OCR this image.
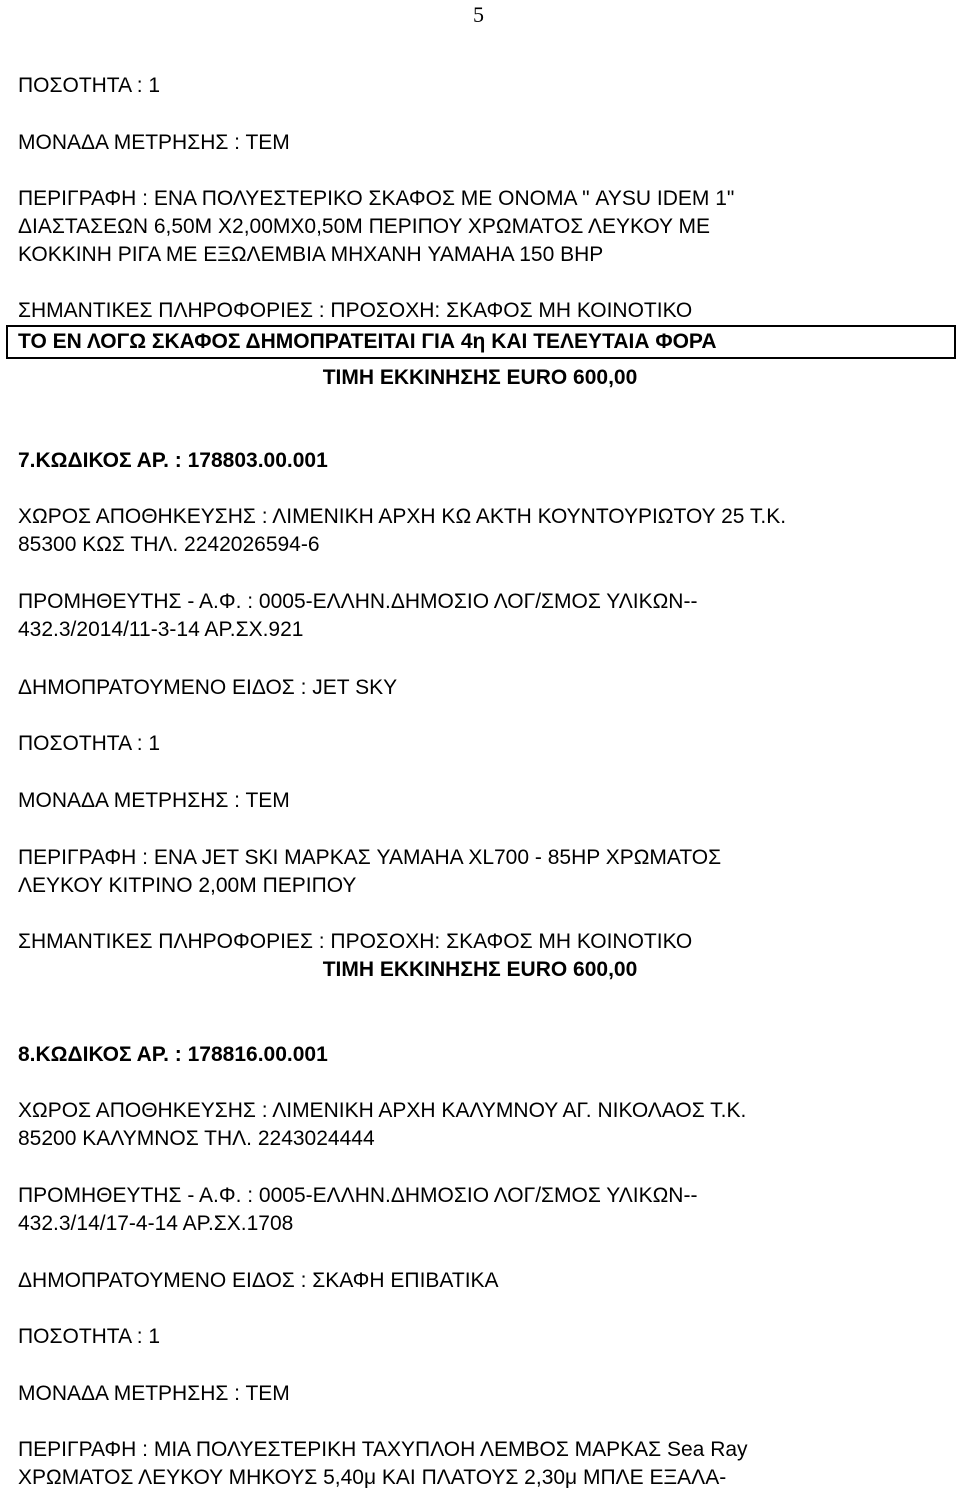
5
ΠΟΣΟΤΗΤΑ : 1
ΜΟΝΑΔΑ ΜΕΤΡΗΣΗΣ : ΤΕΜ
ΠΕΡΙΓΡΑΦΗ : ΕΝΑ ΠΟΛΥΕΣΤΕΡΙΚΟ ΣΚΑΦΟΣ ΜΕ ΟΝΟΜΑ " AYSU IDEM 1"
ΔΙΑΣΤΑΣΕΩΝ 6,50Μ Χ2,00ΜΧ0,50Μ ΠΕΡΙΠΟΥ ΧΡΩΜΑΤΟΣ ΛΕΥΚΟΥ ΜΕ
ΚΟΚΚΙΝΗ ΡΙΓΑ ΜΕ ΕΞΩΛΕΜΒΙΑ ΜΗΧΑΝΗ YAMAHA 150 BHP
ΣΗΜΑΝΤΙΚΕΣ ΠΛΗΡΟΦΟΡΙΕΣ : ΠΡΟΣΟΧΗ: ΣΚΑΦΟΣ ΜΗ ΚΟΙΝΟΤΙΚΟ
ΤΟ ΕΝ ΛΟΓΩ ΣΚΑΦΟΣ ΔΗΜΟΠΡΑΤΕΙΤΑΙ ΓΙΑ 4η ΚΑΙ ΤΕΛΕΥΤΑΙΑ ΦΟΡΑ
ΤΙΜΗ ΕΚΚΙΝΗΣΗΣ EURO 600,00
7.ΚΩΔΙΚΟΣ ΑΡ. : 178803.00.001
ΧΩΡΟΣ ΑΠΟΘΗΚΕΥΣΗΣ : ΛΙΜΕΝΙΚΗ ΑΡΧΗ ΚΩ ΑΚΤΗ ΚΟΥΝΤΟΥΡΙΩΤΟΥ 25 Τ.Κ.
85300 ΚΩΣ ΤΗΛ. 2242026594-6
ΠΡΟΜΗΘΕΥΤΗΣ - Α.Φ. : 0005-ΕΛΛΗΝ.ΔΗΜΟΣΙΟ ΛΟΓ/ΣΜΟΣ ΥΛΙΚΩΝ--
432.3/2014/11-3-14 ΑΡ.ΣΧ.921
ΔΗΜΟΠΡΑΤΟΥΜΕΝΟ ΕΙΔΟΣ : JET SKY
ΠΟΣΟΤΗΤΑ : 1
ΜΟΝΑΔΑ ΜΕΤΡΗΣΗΣ : ΤΕΜ
ΠΕΡΙΓΡΑΦΗ : ΕΝΑ JET SKI ΜΑΡΚΑΣ YAMAHA XL700 - 85HP ΧΡΩΜΑΤΟΣ
ΛΕΥΚΟΥ ΚΙΤΡΙΝΟ 2,00Μ ΠΕΡΙΠΟΥ
ΣΗΜΑΝΤΙΚΕΣ ΠΛΗΡΟΦΟΡΙΕΣ : ΠΡΟΣΟΧΗ: ΣΚΑΦΟΣ ΜΗ ΚΟΙΝΟΤΙΚΟ
ΤΙΜΗ ΕΚΚΙΝΗΣΗΣ EURO 600,00
8.ΚΩΔΙΚΟΣ ΑΡ. : 178816.00.001
ΧΩΡΟΣ ΑΠΟΘΗΚΕΥΣΗΣ : ΛΙΜΕΝΙΚΗ ΑΡΧΗ ΚΑΛΥΜΝΟΥ ΑΓ. ΝΙΚΟΛΑΟΣ Τ.Κ.
85200 ΚΑΛΥΜΝΟΣ ΤΗΛ. 2243024444
ΠΡΟΜΗΘΕΥΤΗΣ - Α.Φ. : 0005-ΕΛΛΗΝ.ΔΗΜΟΣΙΟ ΛΟΓ/ΣΜΟΣ ΥΛΙΚΩΝ--
432.3/14/17-4-14 ΑΡ.ΣΧ.1708
ΔΗΜΟΠΡΑΤΟΥΜΕΝΟ ΕΙΔΟΣ : ΣΚΑΦΗ ΕΠΙΒΑΤΙΚΑ
ΠΟΣΟΤΗΤΑ : 1
ΜΟΝΑΔΑ ΜΕΤΡΗΣΗΣ : ΤΕΜ
ΠΕΡΙΓΡΑΦΗ : ΜΙΑ ΠΟΛΥΕΣΤΕΡΙΚΗ ΤΑΧΥΠΛΟΗ ΛΕΜΒΟΣ ΜΑΡΚΑΣ Sea Ray
ΧΡΩΜΑΤΟΣ ΛΕΥΚΟΥ ΜΗΚΟΥΣ 5,40μ ΚΑΙ ΠΛΑΤΟΥΣ 2,30μ ΜΠΛΕ ΕΞΑΛΑ-
